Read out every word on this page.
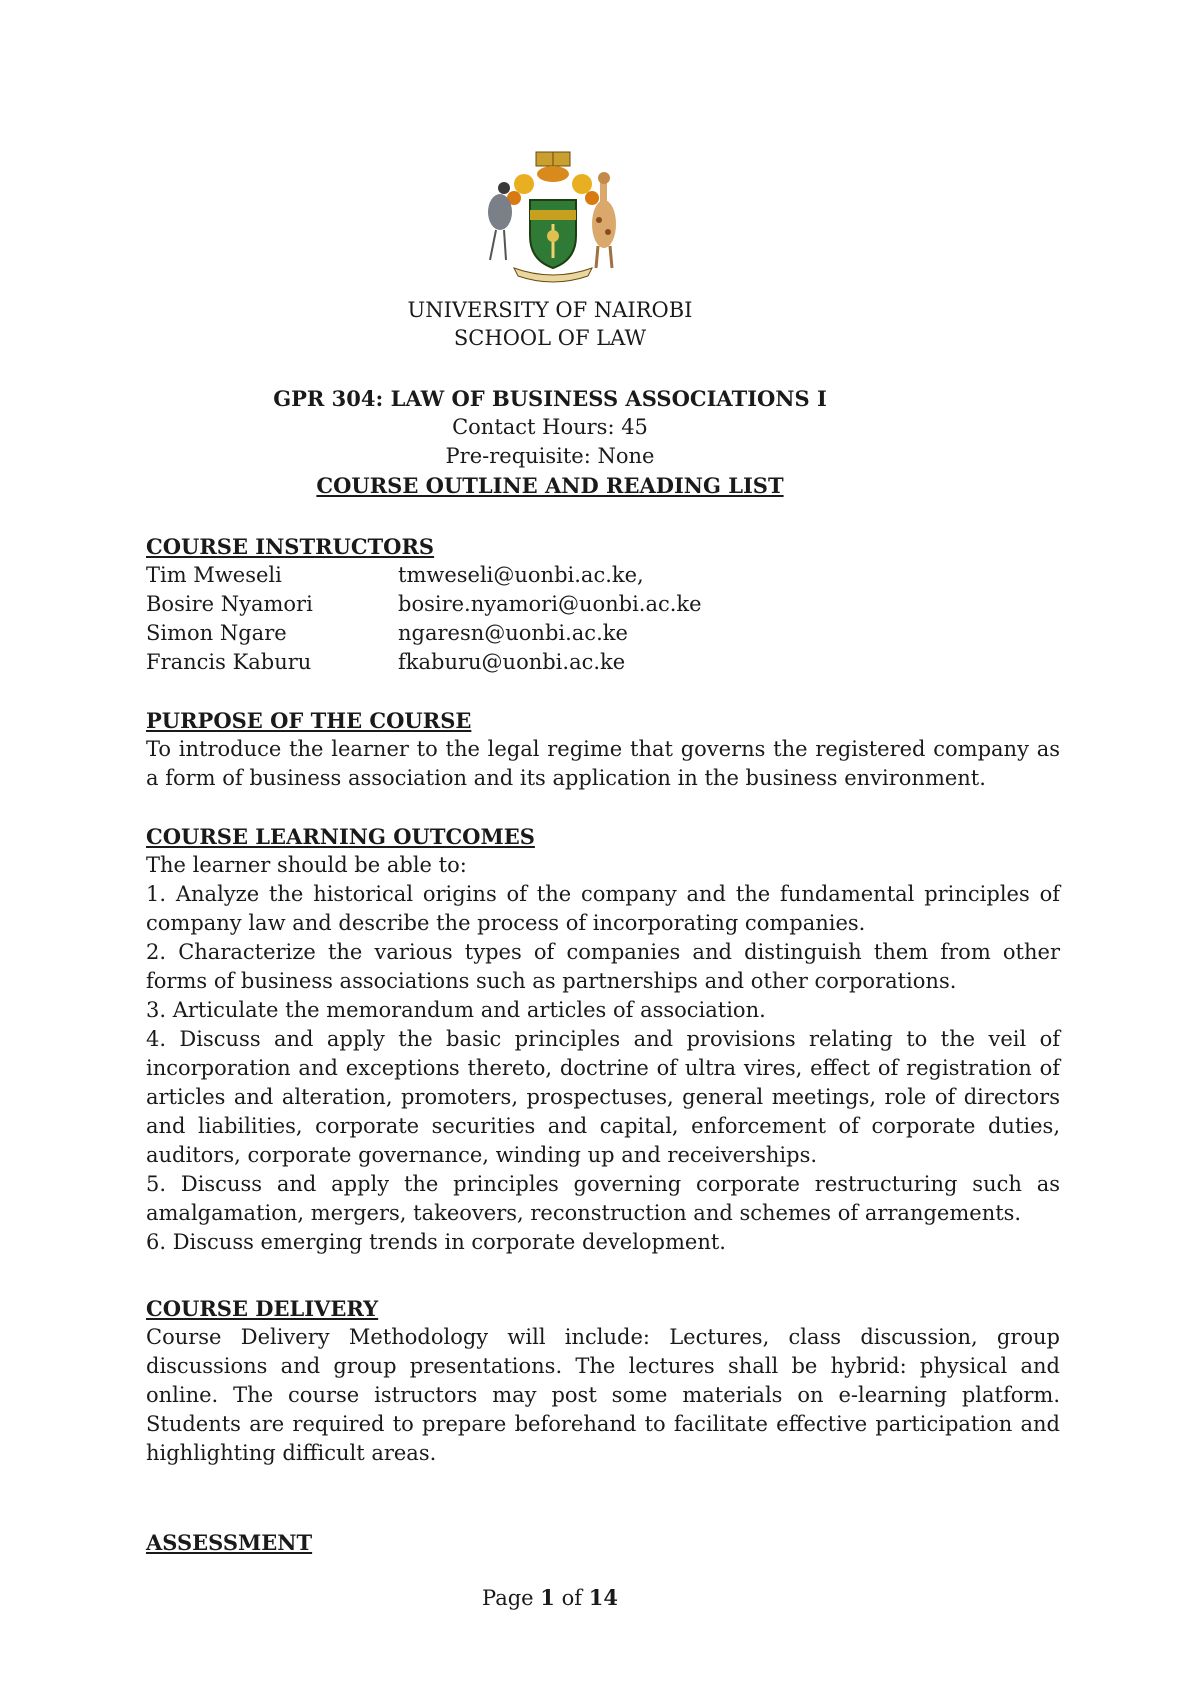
UNIVERSITY OF NAIROBI
SCHOOL OF LAW
GPR 304: LAW OF BUSINESS ASSOCIATIONS I
Contact Hours: 45
Pre-requisite: None
COURSE OUTLINE AND READING LIST

COURSE INSTRUCTORS

Tim Mweseli	tmweseli@uonbi.ac.ke,
Bosire Nyamori	bosire.nyamori@uonbi.ac.ke
Simon Ngare	ngaresn@uonbi.ac.ke
Francis Kaburu	fkaburu@uonbi.ac.ke

PURPOSE OF THE COURSE

To introduce the learner to the legal regime that governs the registered company as a form of business association and its application in the business environment.

COURSE LEARNING OUTCOMES

The learner should be able to:

1. Analyze the historical origins of the company and the fundamental principles of company law and describe the process of incorporating companies.

2. Characterize the various types of companies and distinguish them from other forms of business associations such as partnerships and other corporations.

3. Articulate the memorandum and articles of association.

4. Discuss and apply the basic principles and provisions relating to the veil of incorporation and exceptions thereto, doctrine of ultra vires, effect of registration of articles and alteration, promoters, prospectuses, general meetings, role of directors and liabilities, corporate securities and capital, enforcement of corporate duties, auditors, corporate governance, winding up and receiverships.

5. Discuss and apply the principles governing corporate restructuring such as amalgamation, mergers, takeovers, reconstruction and schemes of arrangements.

6. Discuss emerging trends in corporate development.

COURSE DELIVERY

Course Delivery Methodology will include: Lectures, class discussion, group discussions and group presentations. The lectures shall be hybrid: physical and online. The course istructors may post some materials on e-learning platform. Students are required to prepare beforehand to facilitate effective participation and highlighting difficult areas.

ASSESSMENT

Page 1 of 14
